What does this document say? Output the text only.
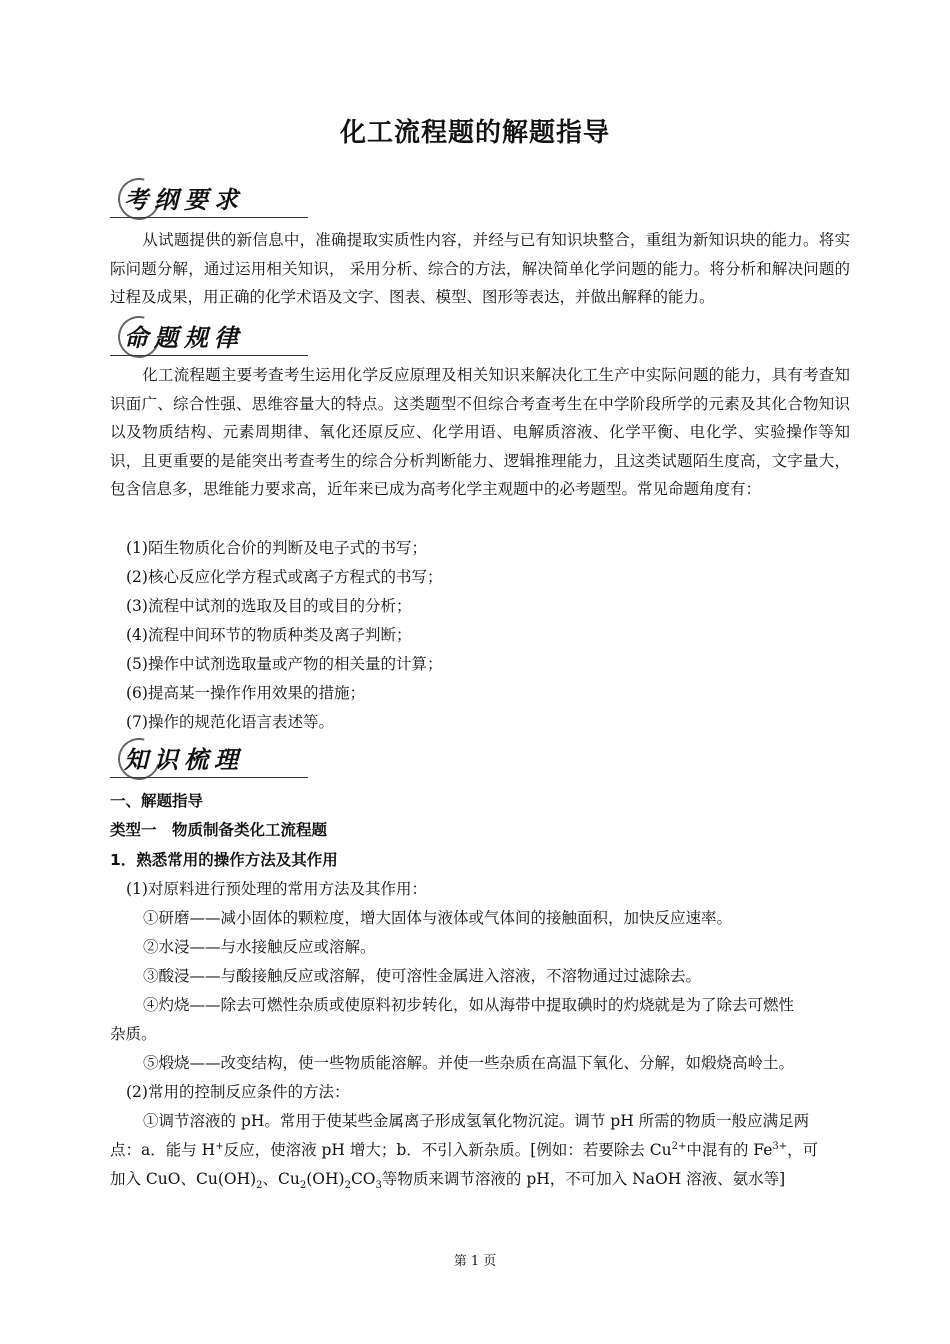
化工流程题的解题指导
考纲要求
从试题提供的新信息中，准确提取实质性内容，并经与已有知识块整合，重组为新知识块的能力。将实际问题分解，通过运用相关知识， 采用分析、综合的方法，解决简单化学问题的能力。将分析和解决问题的过程及成果，用正确的化学术语及文字、图表、模型、图形等表达，并做出解释的能力。
命题规律
化工流程题主要考查考生运用化学反应原理及相关知识来解决化工生产中实际问题的能力，具有考查知识面广、综合性强、思维容量大的特点。这类题型不但综合考查考生在中学阶段所学的元素及其化合物知识以及物质结构、元素周期律、氧化还原反应、化学用语、电解质溶液、化学平衡、电化学、实验操作等知识，且更重要的是能突出考查考生的综合分析判断能力、逻辑推理能力，且这类试题陌生度高，文字量大，包含信息多，思维能力要求高，近年来已成为高考化学主观题中的必考题型。常见命题角度有：
(1)陌生物质化合价的判断及电子式的书写；
(2)核心反应化学方程式或离子方程式的书写；
(3)流程中试剂的选取及目的或目的分析；
(4)流程中间环节的物质种类及离子判断；
(5)操作中试剂选取量或产物的相关量的计算；
(6)提高某一操作作用效果的措施；
(7)操作的规范化语言表述等。
知识梳理
一、解题指导
类型一　物质制备类化工流程题
1．熟悉常用的操作方法及其作用
(1)对原料进行预处理的常用方法及其作用：
①研磨——减小固体的颗粒度，增大固体与液体或气体间的接触面积，加快反应速率。
②水浸——与水接触反应或溶解。
③酸浸——与酸接触反应或溶解，使可溶性金属进入溶液，不溶物通过过滤除去。
④灼烧——除去可燃性杂质或使原料初步转化，如从海带中提取碘时的灼烧就是为了除去可燃性
杂质。
⑤煅烧——改变结构，使一些物质能溶解。并使一些杂质在高温下氧化、分解，如煅烧高岭土。
(2)常用的控制反应条件的方法：
①调节溶液的 pH。常用于使某些金属离子形成氢氧化物沉淀。调节 pH 所需的物质一般应满足两
点：a．能与 H+反应，使溶液 pH 增大；b．不引入新杂质。[例如：若要除去 $Cu^{2+}$中混有的 $Fe^{3+}$，可
加入 CuO、$Cu(OH)_2$、$Cu_2(OH)_2CO_3$等物质来调节溶液的 pH，不可加入 NaOH 溶液、氨水等]
第 1 页
